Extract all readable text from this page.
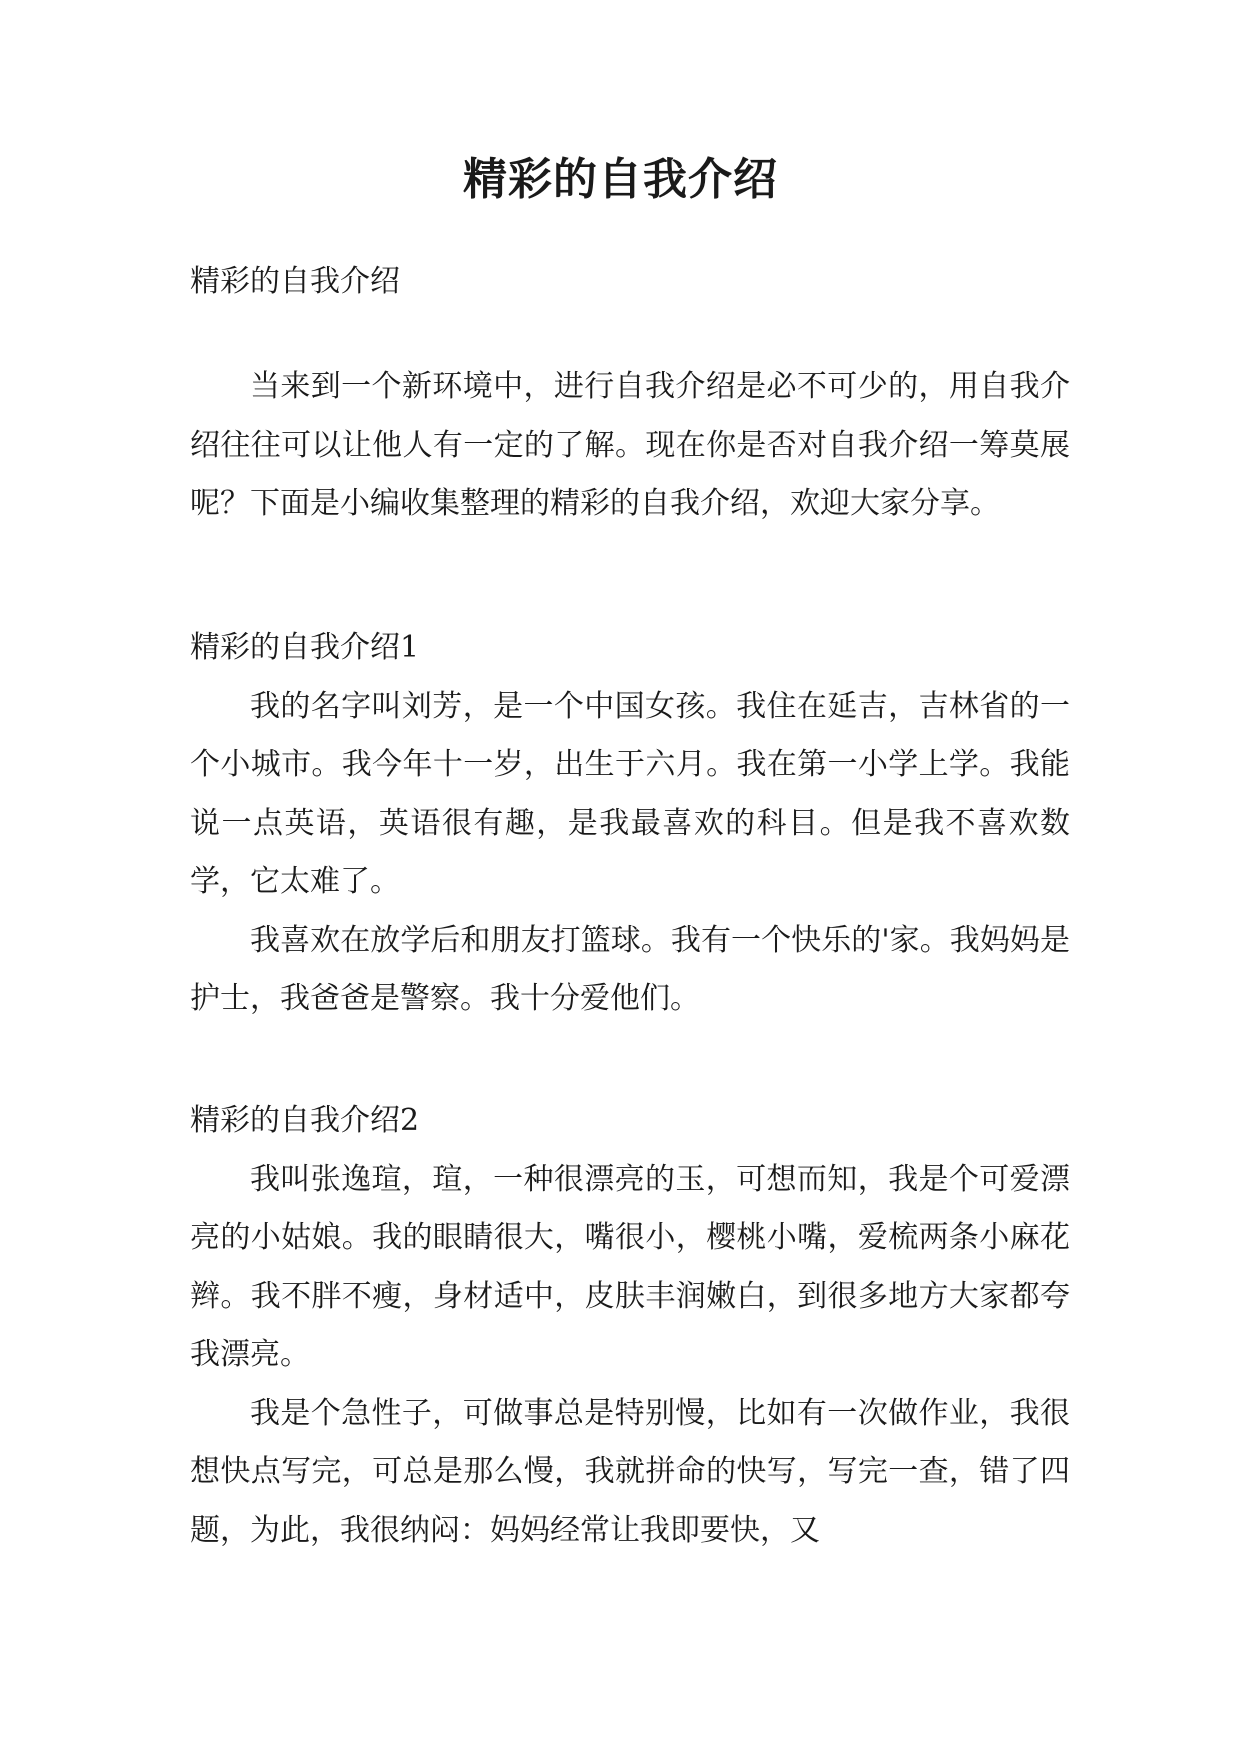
精彩的自我介绍

精彩的自我介绍

当来到一个新环境中，进行自我介绍是必不可少的，用自我介绍往往可以让他人有一定的了解。现在你是否对自我介绍一筹莫展呢？下面是小编收集整理的精彩的自我介绍，欢迎大家分享。

精彩的自我介绍1

我的名字叫刘芳，是一个中国女孩。我住在延吉，吉林省的一个小城市。我今年十一岁，出生于六月。我在第一小学上学。我能说一点英语，英语很有趣，是我最喜欢的科目。但是我不喜欢数学，它太难了。

我喜欢在放学后和朋友打篮球。我有一个快乐的'家。我妈妈是护士，我爸爸是警察。我十分爱他们。

精彩的自我介绍2

我叫张逸瑄，瑄，一种很漂亮的玉，可想而知，我是个可爱漂亮的小姑娘。我的眼睛很大，嘴很小，樱桃小嘴，爱梳两条小麻花辫。我不胖不瘦，身材适中，皮肤丰润嫩白，到很多地方大家都夸我漂亮。

我是个急性子，可做事总是特别慢，比如有一次做作业，我很想快点写完，可总是那么慢，我就拼命的快写，写完一查，错了四题，为此，我很纳闷：妈妈经常让我即要快，又
